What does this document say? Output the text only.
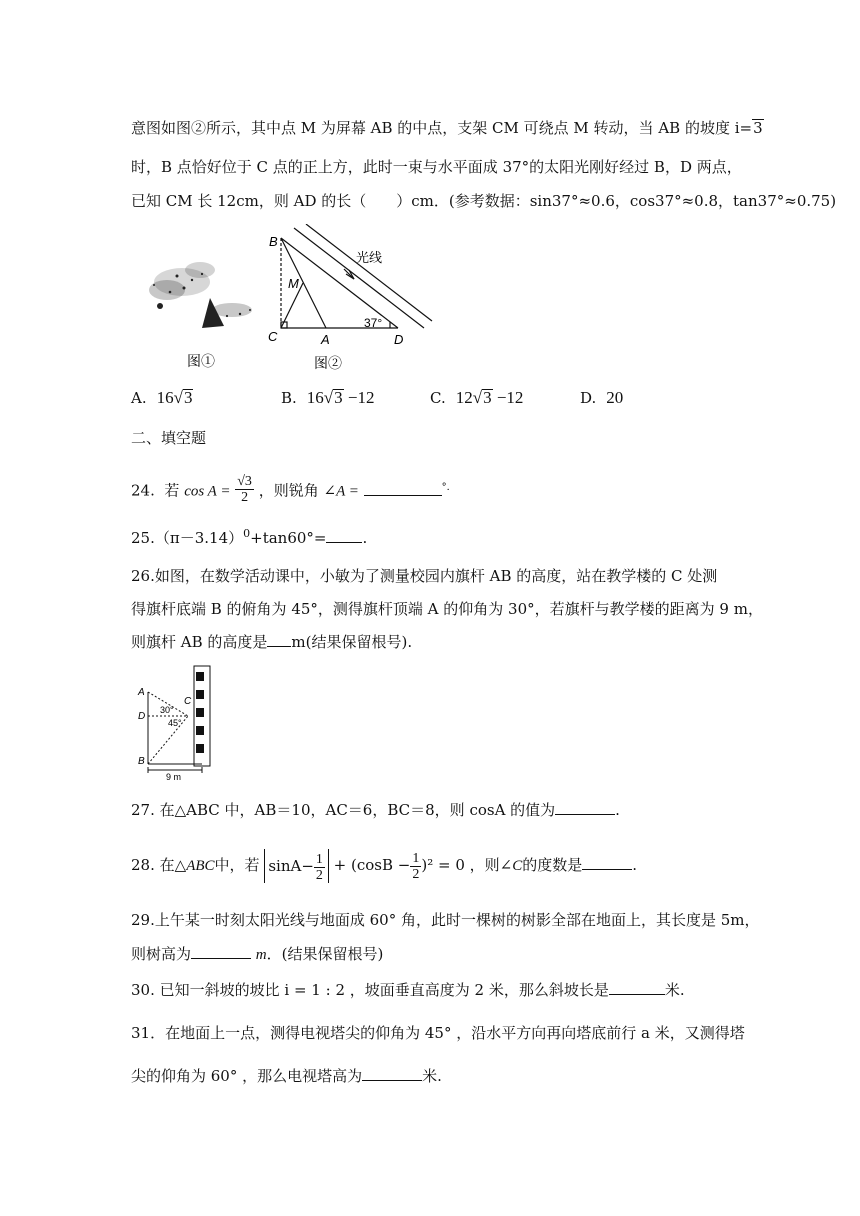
意图如图②所示，其中点 M 为屏幕 AB 的中点，支架 CM 可绕点 M 转动，当 AB 的坡度 i=3
时，B 点恰好位于 C 点的正上方，此时一束与水平面成 37°的太阳光刚好经过 B，D 两点，
已知 CM 长 12cm，则 AD 的长（　　）cm．(参考数据：sin37°≈0.6，cos37°≈0.8，tan37°≈0.75)
图①
B
M
C	A	D
37°
光线
图②
A. 16√3	B. 16√3 −12	C. 12√3 −12	D. 20
二、填空题
24. 若 $\cos A = \frac{√3}{2}$ ，则锐角 ∠A =	°．
$25.(\pi-3.14)^0+\tan 60^\circ=$ .
26.如图，在数学活动课中，小敏为了测量校园内旗杆 AB 的高度，站在教学楼的 C 处测
得旗杆底端 B 的俯角为 45°，测得旗杆顶端 A 的仰角为 30°，若旗杆与教学楼的距离为 9 m，
则旗杆 AB 的高度是 m(结果保留根号).
A
D
B
C
30°
45°
9 m
27. 在△ABC 中，AB＝10，AC＝6，BC＝8，则 cosA 的值为	.
28. 在△ABC中，若 $\sin A- \frac{1}{2} + (\cos B - \frac{1}{2} )^2 = 0$ ，则∠C的度数是	.
29.上午某一时刻太阳光线与地面成 60° 角，此时一棵树的树影全部在地面上，其长度是 5m，
则树高为	m．(结果保留根号)
30. 已知一斜坡的坡比 i = 1 : 2 ，坡面垂直高度为 2 米，那么斜坡长是	米.
31．在地面上一点，测得电视塔尖的仰角为 45° ，沿水平方向再向塔底前行 a 米，又测得塔
尖的仰角为 60° ，那么电视塔高为	米.
